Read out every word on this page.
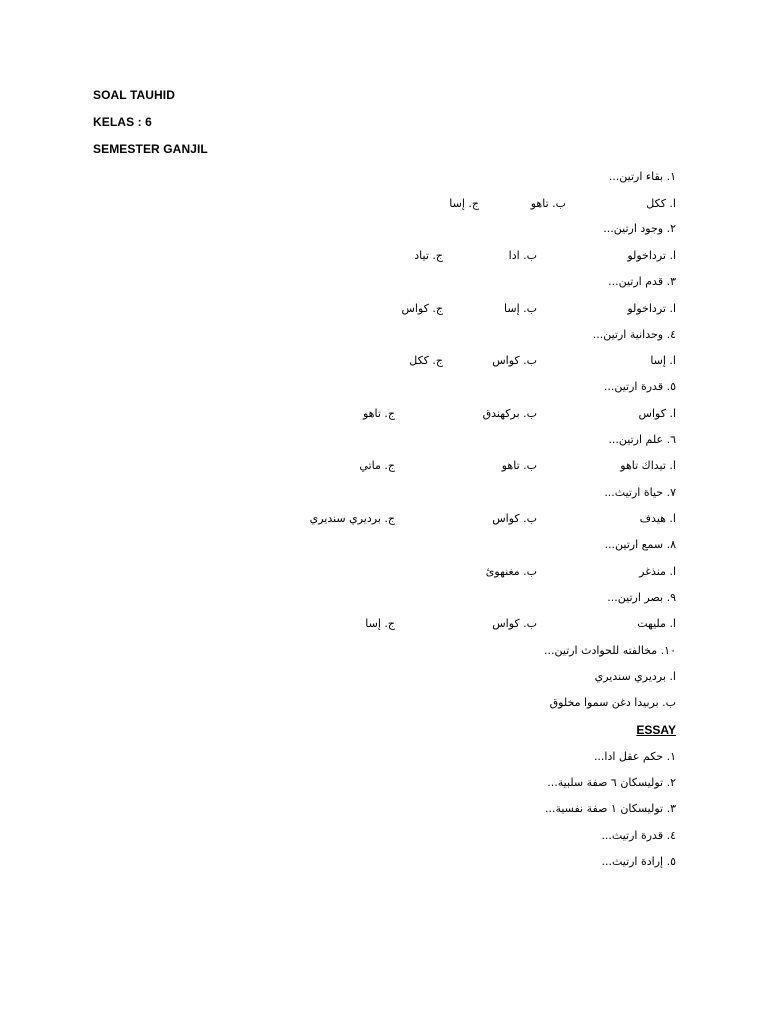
SOAL TAUHID
KELAS : 6
SEMESTER GANJIL
١. بقاء ارتين...
ا. ككل
ب. تاهو
ج. إسا
٢. وجود ارتين...
ا. ترداخولو
ب. ادا
ج. تياد
٣. قدم ارتين...
ا. ترداخولو
ب. إسا
ج. كواس
٤. وحدانية ارتين...
ا. إسا
ب. كواس
ج. ككل
٥. قدرة ارتين...
ا. كواس
ب. بركهندق
ج. تاهو
٦. علم ارتين...
ا. تيداك تاهو
ب. تاهو
ج. ماتي
٧. حياة ارتيث...
ا. هيدف
ب. كواس
ج. برديري سنديري
٨. سمع ارتين...
ا. منذغر
ب. مغنهوئ
٩. بصر ارتين...
ا. مليهت
ب. كواس
ج. إسا
١٠. مخالفته للحوادث ارتين...
ا. برديري سنديري
ب. بربيدا دغن سموا مخلوق
ESSAY
١. حكم عقل ادا...
٢. توليسكان ٦ صفة سلبية...
٣. توليسكان ١ صفة نفسية...
٤. قدرة ارتيث...
٥. إرادة ارتيث...
